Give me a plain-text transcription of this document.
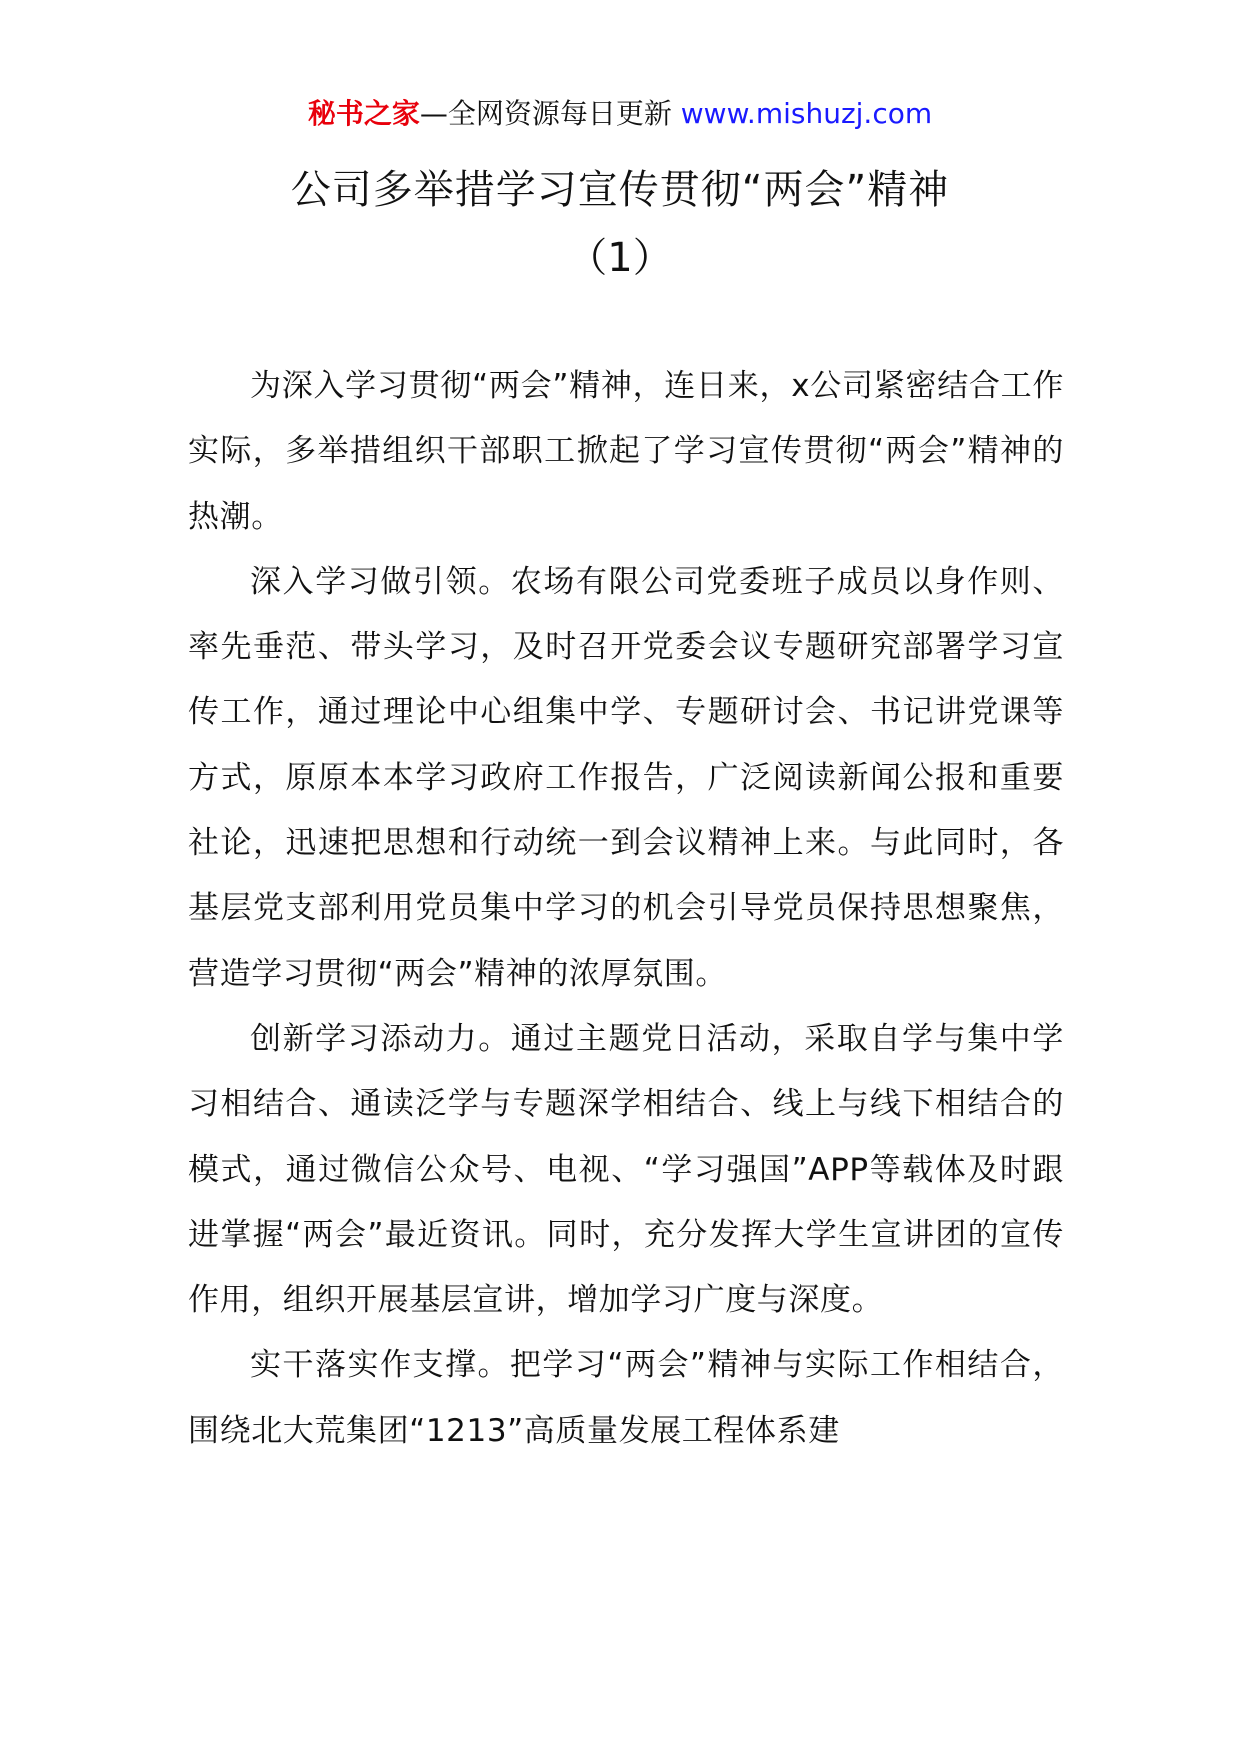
秘书之家—全网资源每日更新 www.mishuzj.com
公司多举措学习宣传贯彻“两会”精神
（1）

为深入学习贯彻“两会”精神，连日来，x公司紧密结合工作实际，多举措组织干部职工掀起了学习宣传贯彻“两会”精神的热潮。

深入学习做引领。农场有限公司党委班子成员以身作则、率先垂范、带头学习，及时召开党委会议专题研究部署学习宣传工作，通过理论中心组集中学、专题研讨会、书记讲党课等方式，原原本本学习政府工作报告，广泛阅读新闻公报和重要社论，迅速把思想和行动统一到会议精神上来。与此同时，各基层党支部利用党员集中学习的机会引导党员保持思想聚焦，营造学习贯彻“两会”精神的浓厚氛围。

创新学习添动力。通过主题党日活动，采取自学与集中学习相结合、通读泛学与专题深学相结合、线上与线下相结合的模式，通过微信公众号、电视、“学习强国”APP等载体及时跟进掌握“两会”最近资讯。同时，充分发挥大学生宣讲团的宣传作用，组织开展基层宣讲，增加学习广度与深度。

实干落实作支撑。把学习“两会”精神与实际工作相结合，围绕北大荒集团“1213”高质量发展工程体系建
